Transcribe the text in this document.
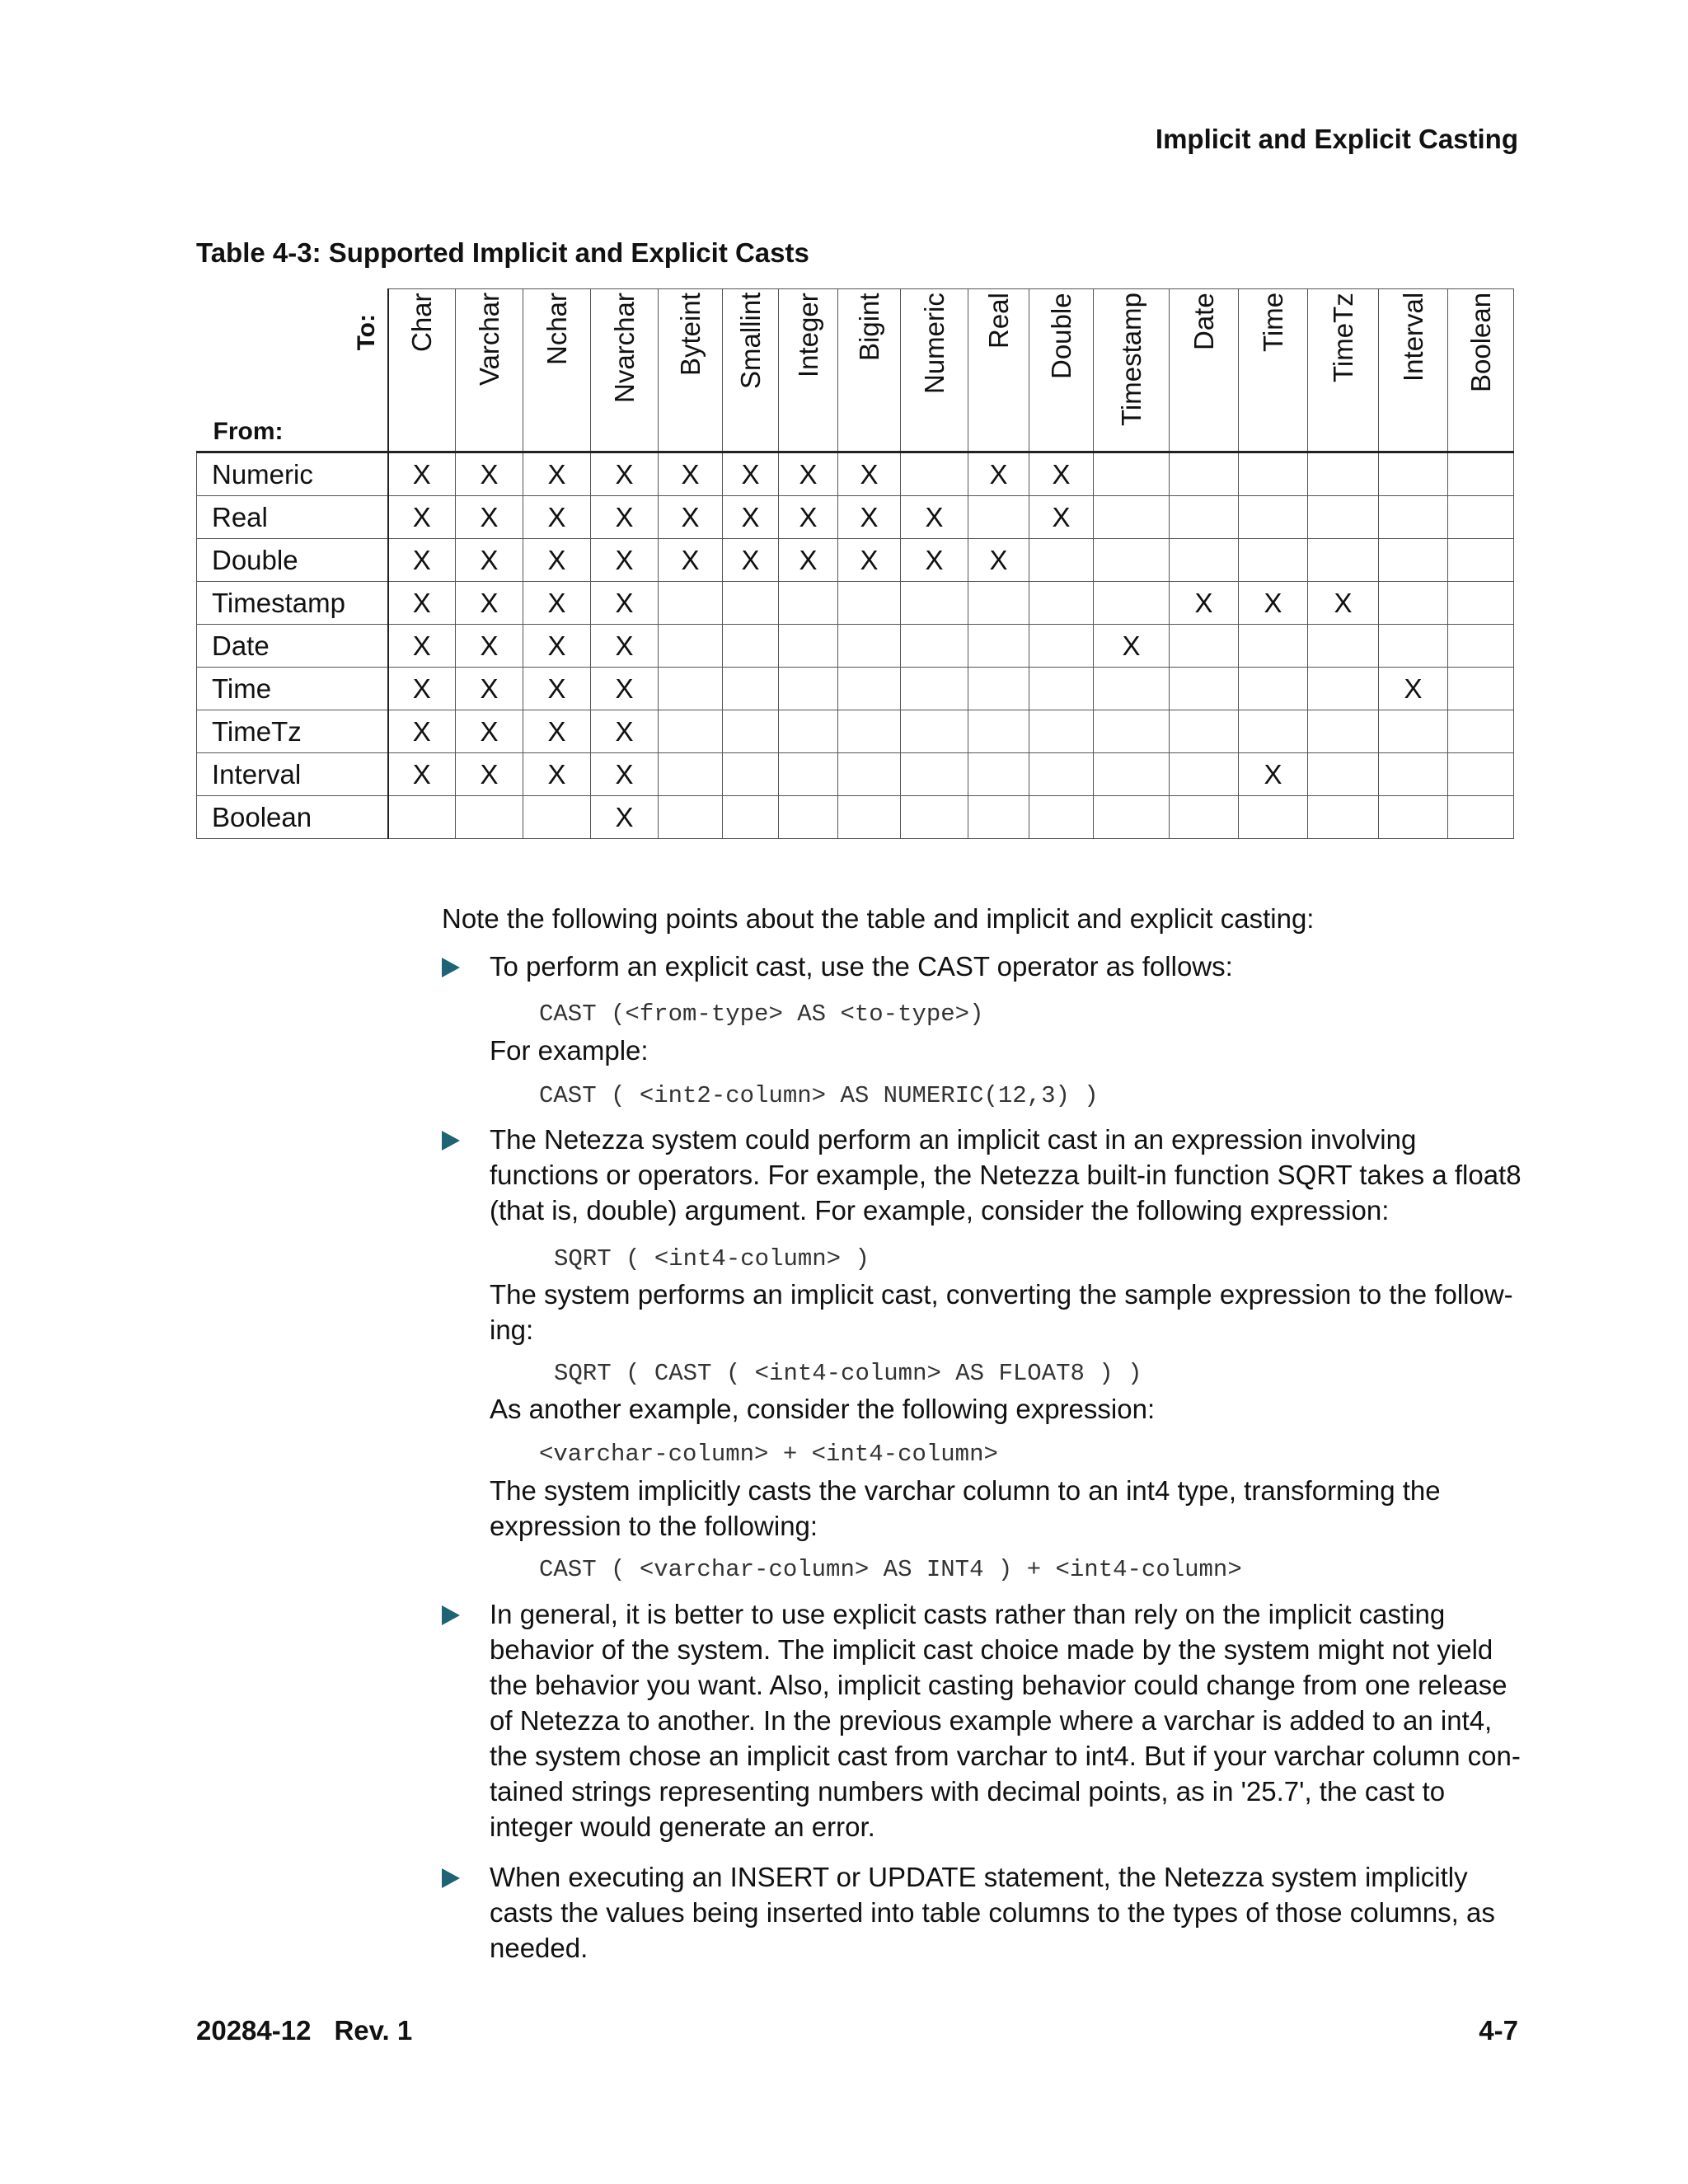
Implicit and Explicit Casting
Table 4-3: Supported Implicit and Explicit Casts
To:
From:	Char	Varchar	Nchar	Nvarchar	Byteint	Smallint	Integer	Bigint	Numeric	Real	Double	Timestamp	Date	Time	TimeTz	Interval	Boolean
Numeric	X	X	X	X	X	X	X	X		X	X						
Real	X	X	X	X	X	X	X	X	X		X						
Double	X	X	X	X	X	X	X	X	X	X							
Timestamp	X	X	X	X									X	X	X		
Date	X	X	X	X								X					
Time	X	X	X	X												X	
TimeTz	X	X	X	X													
Interval	X	X	X	X										X			
Boolean				X													
Note the following points about the table and implicit and explicit casting:
To perform an explicit cast, use the CAST operator as follows:
CAST (<from-type> AS <to-type>)
For example:
CAST ( <int2-column> AS NUMERIC(12,3) )
The Netezza system could perform an implicit cast in an expression involving functions or operators. For example, the Netezza built-in function SQRT takes a float8 (that is, double) argument. For example, consider the following expression:
SQRT ( <int4-column> )
The system performs an implicit cast, converting the sample expression to the follow-ing:
SQRT ( CAST ( <int4-column> AS FLOAT8 ) )
As another example, consider the following expression:
<varchar-column> + <int4-column>
The system implicitly casts the varchar column to an int4 type, transforming the expression to the following:
CAST ( <varchar-column> AS INT4 ) + <int4-column>
In general, it is better to use explicit casts rather than rely on the implicit casting behavior of the system. The implicit cast choice made by the system might not yield the behavior you want. Also, implicit casting behavior could change from one release of Netezza to another. In the previous example where a varchar is added to an int4, the system chose an implicit cast from varchar to int4. But if your varchar column con-tained strings representing numbers with decimal points, as in '25.7', the cast to integer would generate an error.
When executing an INSERT or UPDATE statement, the Netezza system implicitly casts the values being inserted into table columns to the types of those columns, as needed.
20284-12 Rev. 1	4-7
